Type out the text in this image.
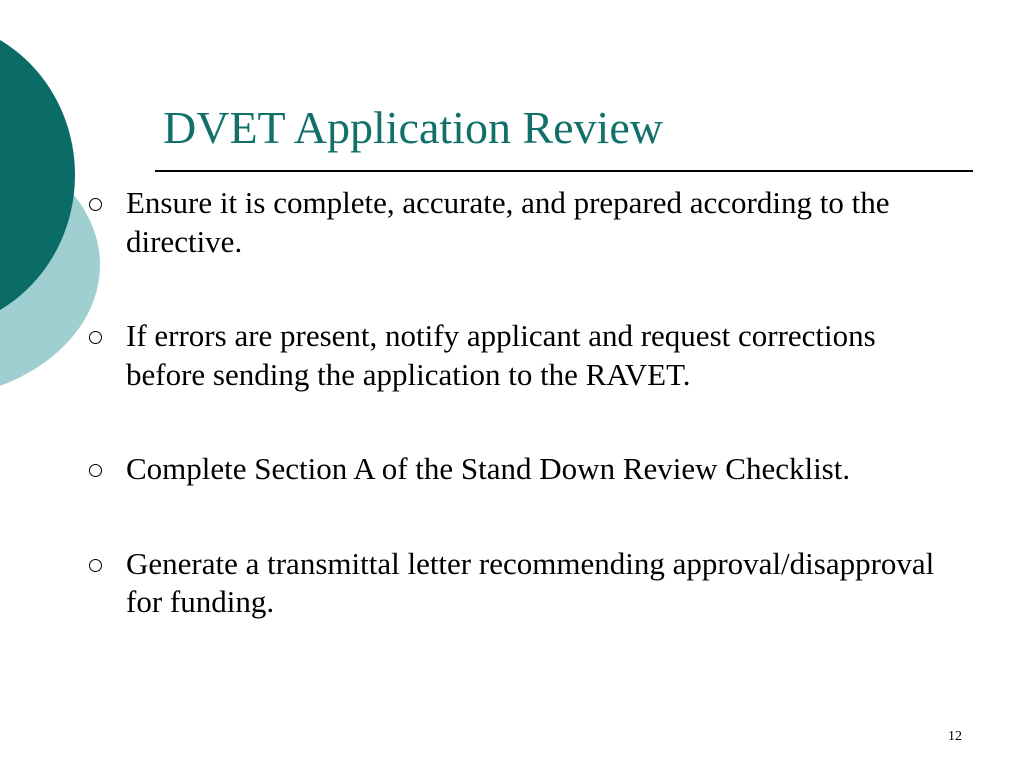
DVET Application Review
Ensure it is complete, accurate, and prepared according to the directive.
If errors are present, notify applicant and request corrections before sending the application to the RAVET.
Complete Section A of the Stand Down Review Checklist.
Generate a transmittal letter recommending approval/disapproval for funding.
12
